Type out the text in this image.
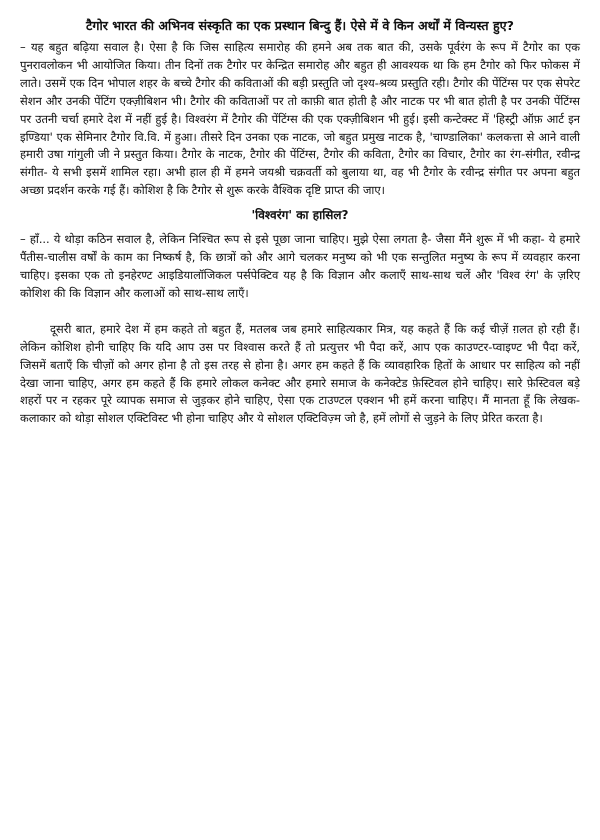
टैगोर भारत की अभिनव संस्कृति का एक प्रस्थान बिन्दु हैं। ऐसे में वे किन अर्थों में विन्यस्त हुए?

– यह बहुत बढ़िया सवाल है। ऐसा है कि जिस साहित्य समारोह की हमने अब तक बात की, उसके पूर्वरंग के रूप में टैगोर का एक पुनरावलोकन भी आयोजित किया। तीन दिनों तक टैगोर पर केन्द्रित समारोह और बहुत ही आवश्यक था कि हम टैगोर को फिर फोकस में लाते। उसमें एक दिन भोपाल शहर के बच्चे टैगोर की कविताओं की बड़ी प्रस्तुति जो दृश्य-श्रव्य प्रस्तुति रही। टैगोर की पेंटिंग्स पर एक सेपरेट सेशन और उनकी पेंटिंग एक्ज़ीबिशन भी। टैगोर की कविताओं पर तो काफ़ी बात होती है और नाटक पर भी बात होती है पर उनकी पेंटिंग्स पर उतनी चर्चा हमारे देश में नहीं हुई है। विश्वरंग में टैगोर की पेंटिंग्स की एक एक्ज़ीबिशन भी हुई। इसी कन्टेक्स्ट में 'हिस्ट्री ऑफ़ आर्ट इन इण्डिया' एक सेमिनार टैगोर वि.वि. में हुआ। तीसरे दिन उनका एक नाटक, जो बहुत प्रमुख नाटक है, 'चाण्डालिका' कलकत्ता से आने वाली हमारी उषा गांगुली जी ने प्रस्तुत किया। टैगोर के नाटक, टैगोर की पेंटिंग्स, टैगोर की कविता, टैगोर का विचार, टैगोर का रंग-संगीत, रवीन्द्र संगीत- ये सभी इसमें शामिल रहा। अभी हाल ही में हमने जयश्री चक्रवर्ती को बुलाया था, वह भी टैगोर के रवीन्द्र संगीत पर अपना बहुत अच्छा प्रदर्शन करके गई हैं। कोशिश है कि टैगोर से शुरू करके वैश्विक दृष्टि प्राप्त की जाए।

'विश्वरंग' का हासिल?

– हाँ... ये थोड़ा कठिन सवाल है, लेकिन निश्चित रूप से इसे पूछा जाना चाहिए। मुझे ऐसा लगता है- जैसा मैंने शुरू में भी कहा- ये हमारे पैंतीस-चालीस वर्षों के काम का निष्कर्ष है, कि छात्रों को और आगे चलकर मनुष्य को भी एक सन्तुलित मनुष्य के रूप में व्यवहार करना चाहिए। इसका एक तो इनहेरण्ट आइडियालॉजिकल पर्सपेक्टिव यह है कि विज्ञान और कलाएँ साथ-साथ चलें और 'विश्व रंग' के ज़रिए कोशिश की कि विज्ञान और कलाओं को साथ-साथ लाएँ।

दूसरी बात, हमारे देश में हम कहते तो बहुत हैं, मतलब जब हमारे साहित्यकार मित्र, यह कहते हैं कि कई चीज़ें ग़लत हो रही हैं। लेकिन कोशिश होनी चाहिए कि यदि आप उस पर विश्वास करते हैं तो प्रत्युत्तर भी पैदा करें, आप एक काउण्टर-प्वाइण्ट भी पैदा करें, जिसमें बताएँ कि चीज़ों को अगर होना है तो इस तरह से होना है। अगर हम कहते हैं कि व्यावहारिक हितों के आधार पर साहित्य को नहीं देखा जाना चाहिए, अगर हम कहते हैं कि हमारे लोकल कनेक्ट और हमारे समाज के कनेक्टेड फ़ेस्टिवल होने चाहिए। सारे फ़ेस्टिवल बड़े शहरों पर न रहकर पूरे व्यापक समाज से जुड़कर होने चाहिए, ऐसा एक टाउण्टल एक्शन भी हमें करना चाहिए। मैं मानता हूँ कि लेखक-कलाकार को थोड़ा सोशल एक्टिविस्ट भी होना चाहिए और ये सोशल एक्टिविज़्म जो है, हमें लोगों से जुड़ने के लिए प्रेरित करता है।
